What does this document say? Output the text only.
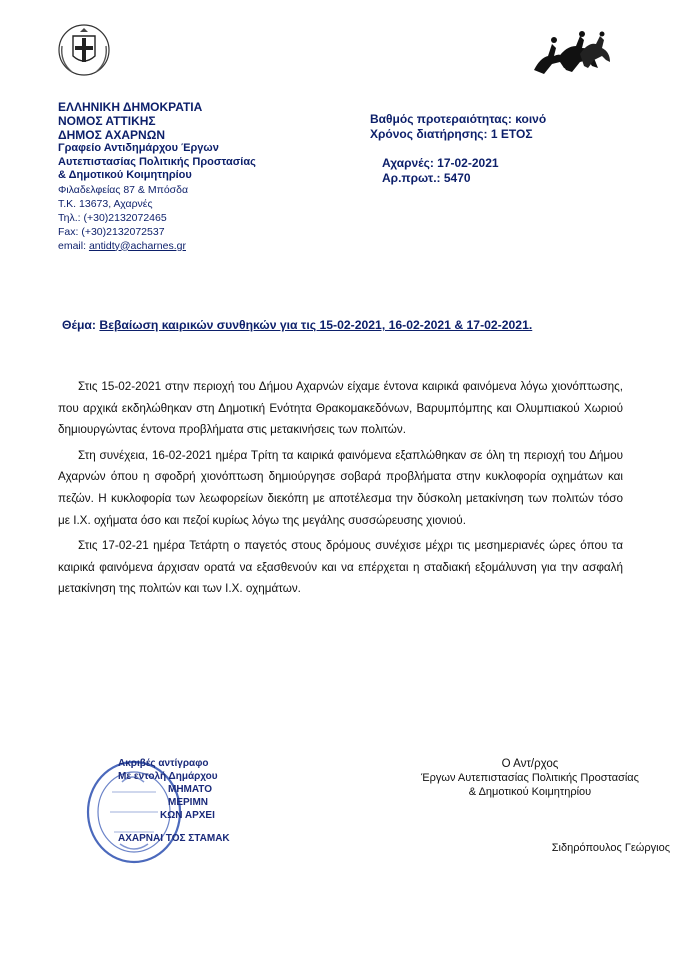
ΕΛΛΗΝΙΚΗ ΔΗΜΟΚΡΑΤΙΑ
ΝΟΜΟΣ ΑΤΤΙΚΗΣ
ΔΗΜΟΣ ΑΧΑΡΝΩΝ
Γραφείο Αντιδημάρχου Έργων
Αυτεπιστασίας Πολιτικής Προστασίας
& Δημοτικού Κοιμητηρίου
Φιλαδελφείας 87 & Μπόσδα
Τ.Κ. 13673, Αχαρνές
Τηλ.: (+30)2132072465
Fax: (+30)2132072537
email: antidty@acharnes.gr
Βαθμός προτεραιότητας: κοινό
Χρόνος διατήρησης: 1 ΕΤΟΣ
Αχαρνές: 17-02-2021
Αρ.πρωτ.: 5470
Θέμα: Βεβαίωση καιρικών συνθηκών για τις 15-02-2021, 16-02-2021 & 17-02-2021.

Στις 15-02-2021 στην περιοχή του Δήμου Αχαρνών είχαμε έντονα καιρικά φαινόμενα λόγω χιονόπτωσης, που αρχικά εκδηλώθηκαν στη Δημοτική Ενότητα Θρακομακεδόνων, Βαρυμπόμπης και Ολυμπιακού Χωριού δημιουργώντας έντονα προβλήματα στις μετακινήσεις των πολιτών.

Στη συνέχεια, 16-02-2021 ημέρα Τρίτη τα καιρικά φαινόμενα εξαπλώθηκαν σε όλη τη περιοχή του Δήμου Αχαρνών όπου η σφοδρή χιονόπτωση δημιούργησε σοβαρά προβλήματα στην κυκλοφορία οχημάτων και πεζών. Η κυκλοφορία των λεωφορείων διεκόπη με αποτέλεσμα την δύσκολη μετακίνηση των πολιτών τόσο με Ι.Χ. οχήματα όσο και πεζοί κυρίως λόγω της μεγάλης συσσώρευσης χιονιού.

Στις 17-02-21 ημέρα Τετάρτη ο παγετός στους δρόμους συνέχισε μέχρι τις μεσημεριανές ώρες όπου τα καιρικά φαινόμενα άρχισαν ορατά να εξασθενούν και να επέρχεται η σταδιακή εξομάλυνση για την ασφαλή μετακίνηση της πολιτών και των Ι.Χ. οχημάτων.

Ακριβές αντίγραφο
Με εντολή Δημάρχου
ΜΗΜΑΤΟ
ΜΕΡΙΜΝ
ΚΩΝ ΑΡΧΕΙ
ΑΧΑΡΝΑΙ ΤΟΣ ΣΤΑΜΑΚ
Ο Αντ/ρχος
Έργων Αυτεπιστασίας Πολιτικής Προστασίας
& Δημοτικού Κοιμητηρίου
Σιδηρόπουλος Γεώργιος
